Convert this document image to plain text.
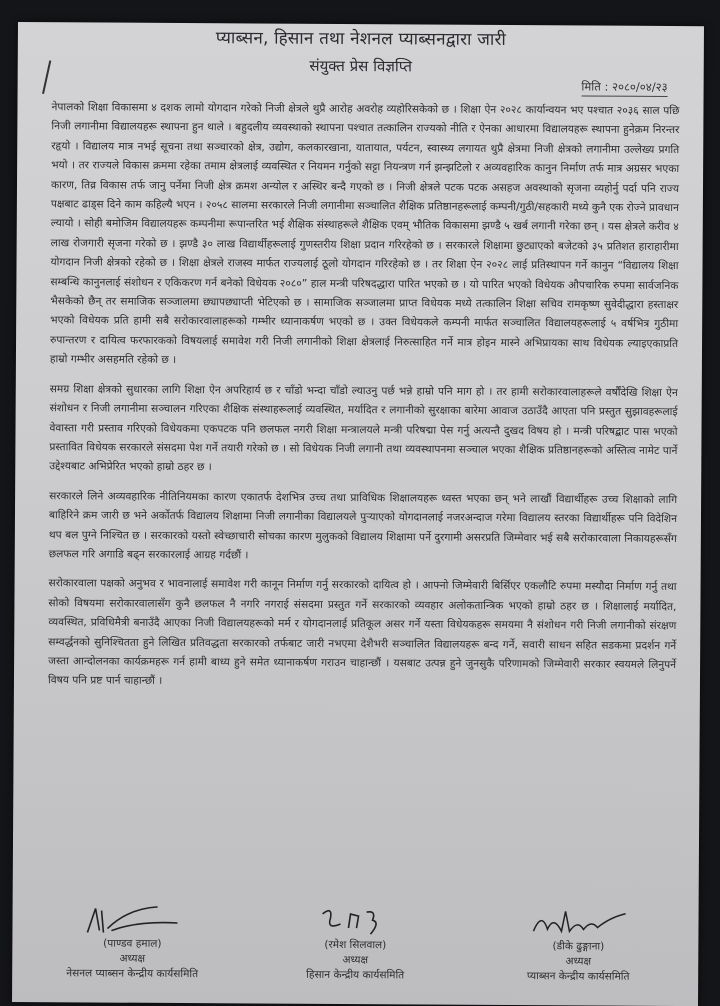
प्याब्सन, हिसान तथा नेशनल प्याब्सनद्वारा जारी
संयुक्त प्रेस विज्ञप्ति
मिति : २०८०/०४/२३

नेपालको शिक्षा विकासमा ४ दशक लामो योगदान गरेको निजी क्षेत्रले थुप्रै आरोह अवरोह व्यहोरिसकेको छ । शिक्षा ऐन २०२८ कार्यान्वयन भए पश्चात २०३६ साल पछि निजी लगानीमा विद्यालयहरू स्थापना हुन थाले । बहुदलीय व्यवस्थाको स्थापना पश्चात तत्कालिन राज्यको नीति र ऐनका आधारमा विद्यालयहरू स्थापना हुनेक्रम निरन्तर रहृयो । विद्यालय मात्र नभई सूचना तथा सञ्चारको क्षेत्र, उद्योग, कलकारखाना, यातायात, पर्यटन, स्वास्थ्य लगायत थुप्रै क्षेत्रमा निजी क्षेत्रको लगानीमा उल्लेख्य प्रगति भयो । तर राज्यले विकास क्रममा रहेका तमाम क्षेत्रलाई व्यवस्थित र नियमन गर्नुको सट्टा नियन्त्रण गर्न झन्झटिलो र अव्यवहारिक कानुन निर्माण तर्फ मात्र अग्रसर भएका कारण, तिव्र विकास तर्फ जानु पर्नेमा निजी क्षेत्र क्रमश अन्योल र अस्थिर बन्दै गएको छ । निजी क्षेत्रले पटक पटक असहज अवस्थाको सृजना व्यहोर्नु पर्दा पनि राज्य पक्षबाट ढाड्स दिने काम कहिल्यै भएन । २०५८ सालमा सरकारले निजी लगानीमा सञ्चालित शैक्षिक प्रतिष्ठानहरूलाई कम्पनी/गुठी/सहकारी मध्ये कुनै एक रोज्ने प्रावधान ल्यायो । सोही बमोजिम विद्यालयहरू कम्पनीमा रूपान्तरित भई शैक्षिक संस्थाहरूले शैक्षिक एवम् भौतिक विकासमा झण्डै ५ खर्ब लगानी गरेका छन् । यस क्षेत्रले करीव ४ लाख रोजगारी सृजना गरेको छ । झण्डै ३० लाख विद्यार्थीहरूलाई गुणस्तरीय शिक्षा प्रदान गरिरहेको छ । सरकारले शिक्षामा छुट्याएको बजेटको ३५ प्रतिशत हाराहारीमा योगदान निजी क्षेत्रको रहेको छ । शिक्षा क्षेत्रले राजस्व मार्फत राज्यलाई ठूलो योगदान गरिरहेको छ । तर शिक्षा ऐन २०२८ लाई प्रतिस्थापन गर्ने कानुन “विद्यालय शिक्षा सम्बन्धि कानुनलाई संशोधन र एकिकरण गर्न बनेको विधेयक २०८०” हाल मन्त्री परिषदद्धारा पारित भएको छ । यो पारित भएको विधेयक औपचारिक रुपमा सार्वजनिक भैसकेको छैन् तर समाजिक सञ्जालमा छ्यापछ्याप्ती भेटिएको छ । सामाजिक सञ्जालमा प्राप्त विधेयक मध्ये तत्कालिन शिक्षा सचिव रामकृष्ण सुवेदीद्धारा हस्ताक्षर भएको विधेयक प्रति हामी सबै सरोकारवालाहरूको गम्भीर ध्यानाकर्षण भएको छ । उक्त विधेयकले कम्पनी मार्फत सञ्चालित विद्यालयहरूलाई ५ वर्षभित्र गुठीमा रुपान्तरण र दायित्व फरफारकको विषयलाई समावेश गरी निजी लगानीको शिक्षा क्षेत्रलाई निरुत्साहित गर्ने मात्र होइन मास्ने अभिप्रायका साथ विधेयक ल्याइएकाप्रति हाम्रो गम्भीर असहमति रहेको छ ।

समग्र शिक्षा क्षेत्रको सुधारका लागि शिक्षा ऐन अपरिहार्य छ र चाँडो भन्दा चाँडो ल्याउनु पर्छ भन्ने हाम्रो पनि माग हो । तर हामी सरोकारवालाहरूले वर्षौंदेखि शिक्षा ऐन संशोधन र निजी लगानीमा सञ्चालन गरिएका शैक्षिक संस्थाहरूलाई व्यवस्थित, मर्यादित र लगानीको सुरक्षाका बारेमा आवाज उठाउँदै आएता पनि प्रस्तुत सुझावहरूलाई वेवास्ता गरी प्रस्ताव गरिएको विधेयकमा एकपटक पनि छलफल नगरी शिक्षा मन्त्रालयले मन्त्री परिषद्मा पेस गर्नु अत्यन्तै दुखद विषय हो । मन्त्री परिषद्बाट पास भएको प्रस्तावित विधेयक सरकारले संसदमा पेश गर्ने तयारी गरेको छ । सो विधेयक निजी लगानी तथा व्यवस्थापनमा सञ्चाल भएका शैक्षिक प्रतिष्ठानहरूको अस्तित्व नामेट पार्ने उद्देश्यबाट अभिप्रेरित भएको हाम्रो ठहर छ ।

सरकारले लिने अव्यवहारिक नीतिनियमका कारण एकातर्फ देशभित्र उच्च तथा प्राविधिक शिक्षालयहरू ध्वस्त भएका छन् भने लाखौं विद्यार्थीहरू उच्च शिक्षाको लागि बाहिरिने क्रम जारी छ भने अर्कोतर्फ विद्यालय शिक्षामा निजी लगानीका विद्यालयले पुऱ्याएको योगदानलाई नजरअन्दाज गरेमा विद्यालय स्तरका विद्यार्थीहरू पनि विदेशिन थप बल पुग्ने निश्चित छ । सरकारको यस्तो स्वेच्छाचारी सोचका कारण मुलुकको विद्यालय शिक्षामा पर्ने दुरगामी असरप्रति जिम्मेवार भई सबै सरोकारवाला निकायहरूसँग छलफल गरि अगाडि बढ्न सरकारलाई आग्रह गर्दछौं ।

सरोकारवाला पक्षको अनुभव र भावनालाई समावेश गरी कानून निर्माण गर्नु सरकारको दायित्व हो । आफ्नो जिम्मेवारी बिर्सिएर एकलौटि रुपमा मस्यौदा निर्माण गर्नु तथा सोको विषयमा सरोकारवालासँग कुनै छलफल नै नगरि नगराई संसदमा प्रस्तुत गर्ने सरकारको व्यवहार अलोकतान्त्रिक भएको हाम्रो ठहर छ । शिक्षालाई मर्यादित, व्यवस्थित, प्रविधिमैत्री बनाउँदै आएका निजी विद्यालयहरूको मर्म र योगदानलाई प्रतिकूल असर गर्ने यस्ता विधेयकहरू समयमा नै संशोधन गरी निजी लगानीको संरक्षण सम्वर्द्धनको सुनिश्चितता हुने लिखित प्रतिवद्धता सरकारको तर्फबाट जारी नभएमा देशैभरी सञ्चालित विद्यालयहरू बन्द गर्ने, सवारी साधन सहित सडकमा प्रदर्शन गर्ने जस्ता आन्दोलनका कार्यक्रमहरू गर्न हामी बाध्य हुने समेत ध्यानाकर्षण गराउन चाहान्छौं । यसबाट उत्पन्न हुने जुनसुकै परिणामको जिम्मेवारी सरकार स्वयमले लिनुपर्ने विषय पनि प्रष्ट पार्न चाहान्छौं ।

(पाण्डव हमाल)
अध्यक्ष
नेसनल प्याब्सन केन्द्रीय कार्यसमिति
(रमेश सिलवाल)
अध्यक्ष
हिसान केन्द्रीय कार्यसमिति
(डीके ढुङ्गाना)
अध्यक्ष
प्याब्सन केन्द्रीय कार्यसमिति
